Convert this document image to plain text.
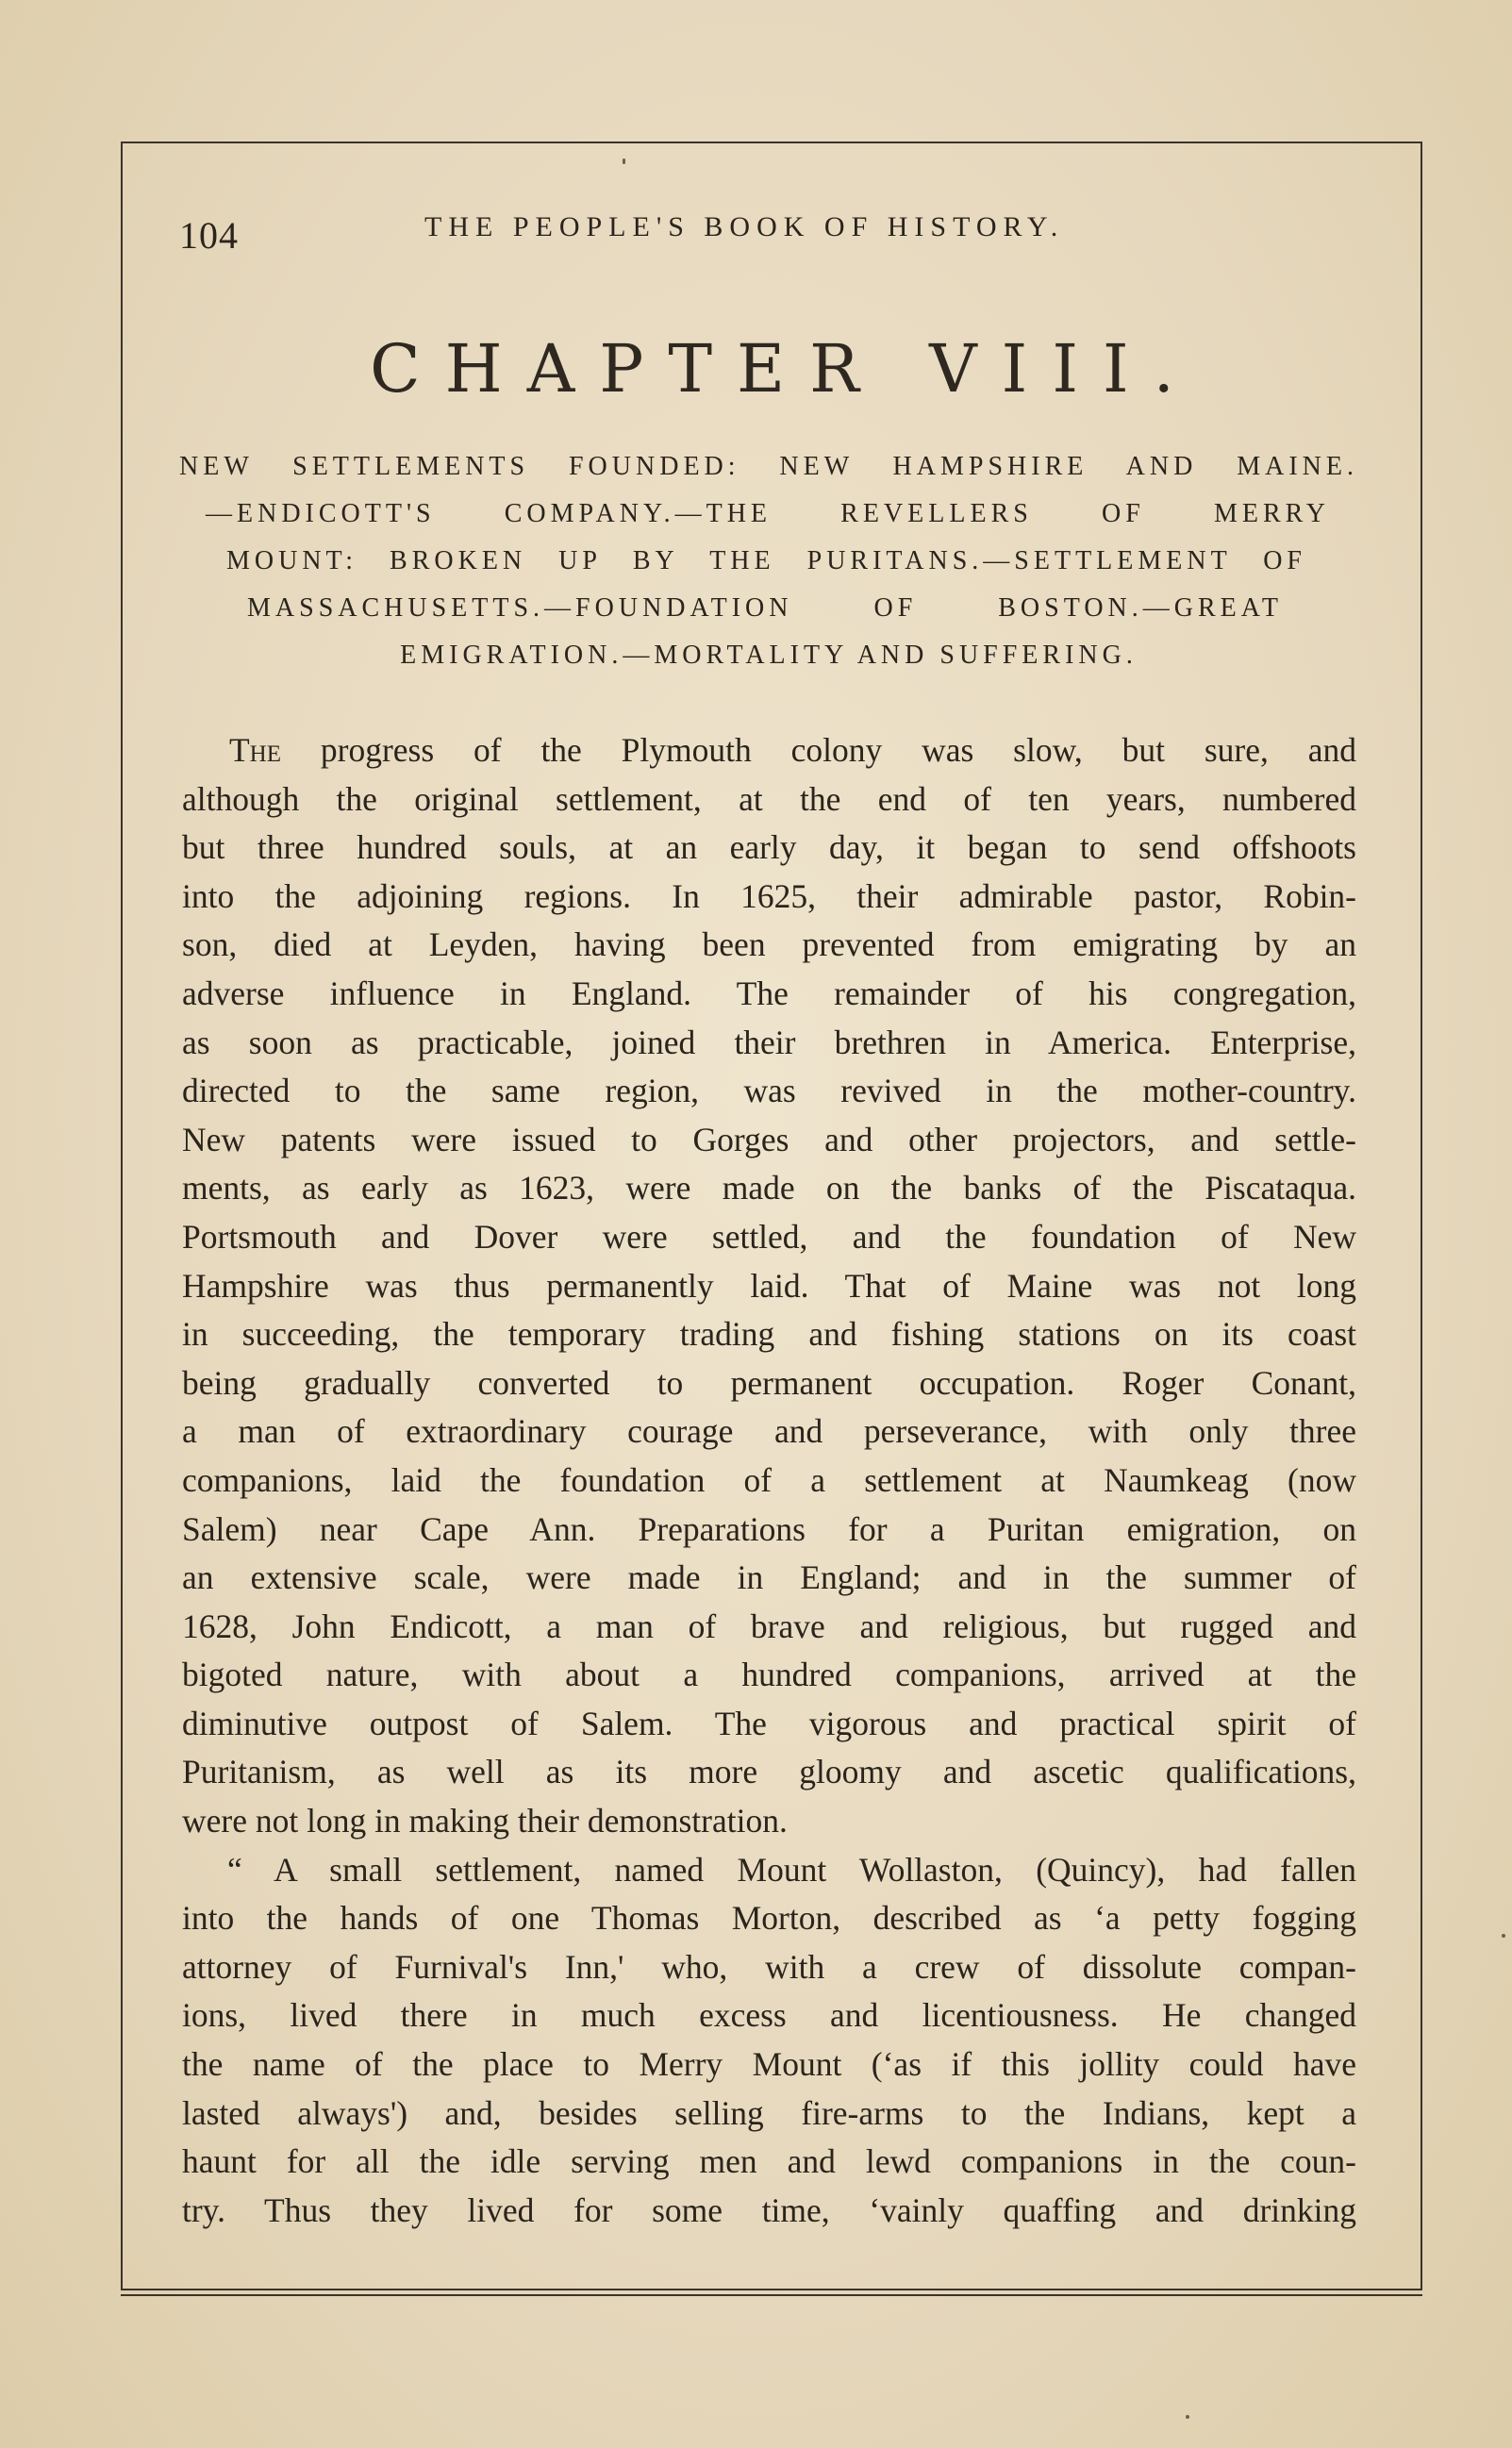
104	THE PEOPLE'S BOOK OF HISTORY.
CHAPTER VIII.
NEW SETTLEMENTS FOUNDED: NEW HAMPSHIRE AND MAINE.
—ENDICOTT'S COMPANY.—THE REVELLERS OF MERRY
MOUNT: BROKEN UP BY THE PURITANS.—SETTLEMENT OF
MASSACHUSETTS.—FOUNDATION OF BOSTON.—GREAT
EMIGRATION.—MORTALITY AND SUFFERING.
The progress of the Plymouth colony was slow, but sure, and
although the original settlement, at the end of ten years, numbered
but three hundred souls, at an early day, it began to send offshoots
into the adjoining regions. In 1625, their admirable pastor, Robin-
son, died at Leyden, having been prevented from emigrating by an
adverse influence in England. The remainder of his congregation,
as soon as practicable, joined their brethren in America. Enterprise,
directed to the same region, was revived in the mother-country.
New patents were issued to Gorges and other projectors, and settle-
ments, as early as 1623, were made on the banks of the Piscataqua.
Portsmouth and Dover were settled, and the foundation of New
Hampshire was thus permanently laid. That of Maine was not long
in succeeding, the temporary trading and fishing stations on its coast
being gradually converted to permanent occupation. Roger Conant,
a man of extraordinary courage and perseverance, with only three
companions, laid the foundation of a settlement at Naumkeag (now
Salem) near Cape Ann. Preparations for a Puritan emigration, on
an extensive scale, were made in England; and in the summer of
1628, John Endicott, a man of brave and religious, but rugged and
bigoted nature, with about a hundred companions, arrived at the
diminutive outpost of Salem. The vigorous and practical spirit of
Puritanism, as well as its more gloomy and ascetic qualifications,
were not long in making their demonstration.
“ A small settlement, named Mount Wollaston, (Quincy), had fallen
into the hands of one Thomas Morton, described as ‘a petty fogging
attorney of Furnival's Inn,' who, with a crew of dissolute compan-
ions, lived there in much excess and licentiousness. He changed
the name of the place to Merry Mount (‘as if this jollity could have
lasted always') and, besides selling fire-arms to the Indians, kept a
haunt for all the idle serving men and lewd companions in the coun-
try. Thus they lived for some time, ‘vainly quaffing and drinking
